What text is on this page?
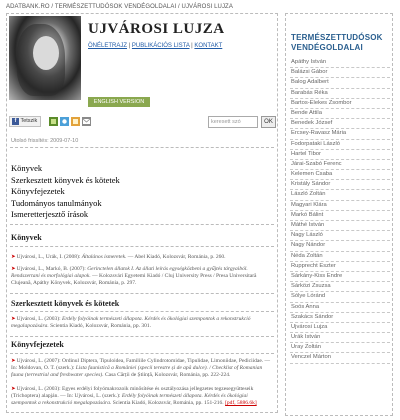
ADATBANK.RO / TERMÉSZETTUDÓSOK VENDÉGOLDALAI / UJVÁROSI LUJZA
UJVÁROSI LUJZA
ÖNÉLETRAJZ | PUBLIKÁCIÓS LISTA | KONTAKT
ENGLISH VERSION
f Tetszik	keresett szó	OK
Utolsó frissítés: 2009-07-10
Könyvek
Szerkesztett könyvek és kötetek
Könyvfejezetek
Tudományos tanulmányok
Ismeretterjesztő írások
Könyvek
➤Ujvárosi, L., Urák, I. (2008): Általános ismeretek. — Abel Kiadó, Kolozsvár, Románia, p. 260.
➤Ujvárosi, L., Markó, B. (2007): Gerinctelen állatok I. Az állati leírás egységközbeni a gyűjtés tárgyaiból. Rendszertani és morfológiai alapok. — Kolozsvári Egyetemi Kiadó / Cluj University Press / Presa Universitară Clujeană, Apáthy Könyvek, Kolozsvár, Románia, p. 297.
Szerkesztett könyvek és kötetek
➤Ujvárosi, L. (2003): Erdély folyóinak természeti állapota. Kérdés és ökológiai szempontok a rekonstrukció megalapozására. Scientia Kiadó, Kolozsvár, Románia, pp. 301.
Könyvfejezetek
➤Ujvárosi, L. (2007): Ordinul Diptera, Tipuloidea, Familiile Cylindrotomidae, Tipulidae, Limoniidae, Pediciidae. — In: Moldovan, O. T. (szerk.): Lista faunistică a României (specii terestre și de apă dulce). / Checklist of Romanian fauna (terrestrial and freshwater species). Casa Cărții de Știință, Kolozsvár, Románia, pp. 222-224.
➤Ujvárosi, L. (2003): Egyes erdélyi folyómakrozoik minősítése és osztályozása jellegzetes tegzesegyütteseik (Trichoptera) alapján. — In: Ujvárosi, L. (szerk.): Erdély folyóinak természeti állapota. Kérdés és ökológiai szempontok a rekonstrukció megalapozására. Scientia Kiadó, Kolozsvár, Románia, pp. 151-216. [pdf, 5886.6k]
TERMÉSZETTUDÓSOK VENDÉGOLDALAI
Apáthy István
Balázsi Gábor
Balog Adalbert
Barabás Réka
Bartos-Elekes Zsombor
Bende Attila
Benedek József
Ercsey-Ravasz Mária
Fodorpataki László
Hartel Tibor
Járai-Szabó Ferenc
Kelemen Csaba
Kristály Sándor
László Zoltán
Magyari Klára
Markó Bálint
Máthé István
Nagy László
Nagy Nándor
Néda Zoltán
Rupprecht Eszter
Sárkány-Kiss Endre
Sárközi Zsuzsa
Sólye Lóránd
Soós Anna
Szakács Sándor
Ujvárosi Lujza
Urák István
Uray Zoltán
Venczel Márton
